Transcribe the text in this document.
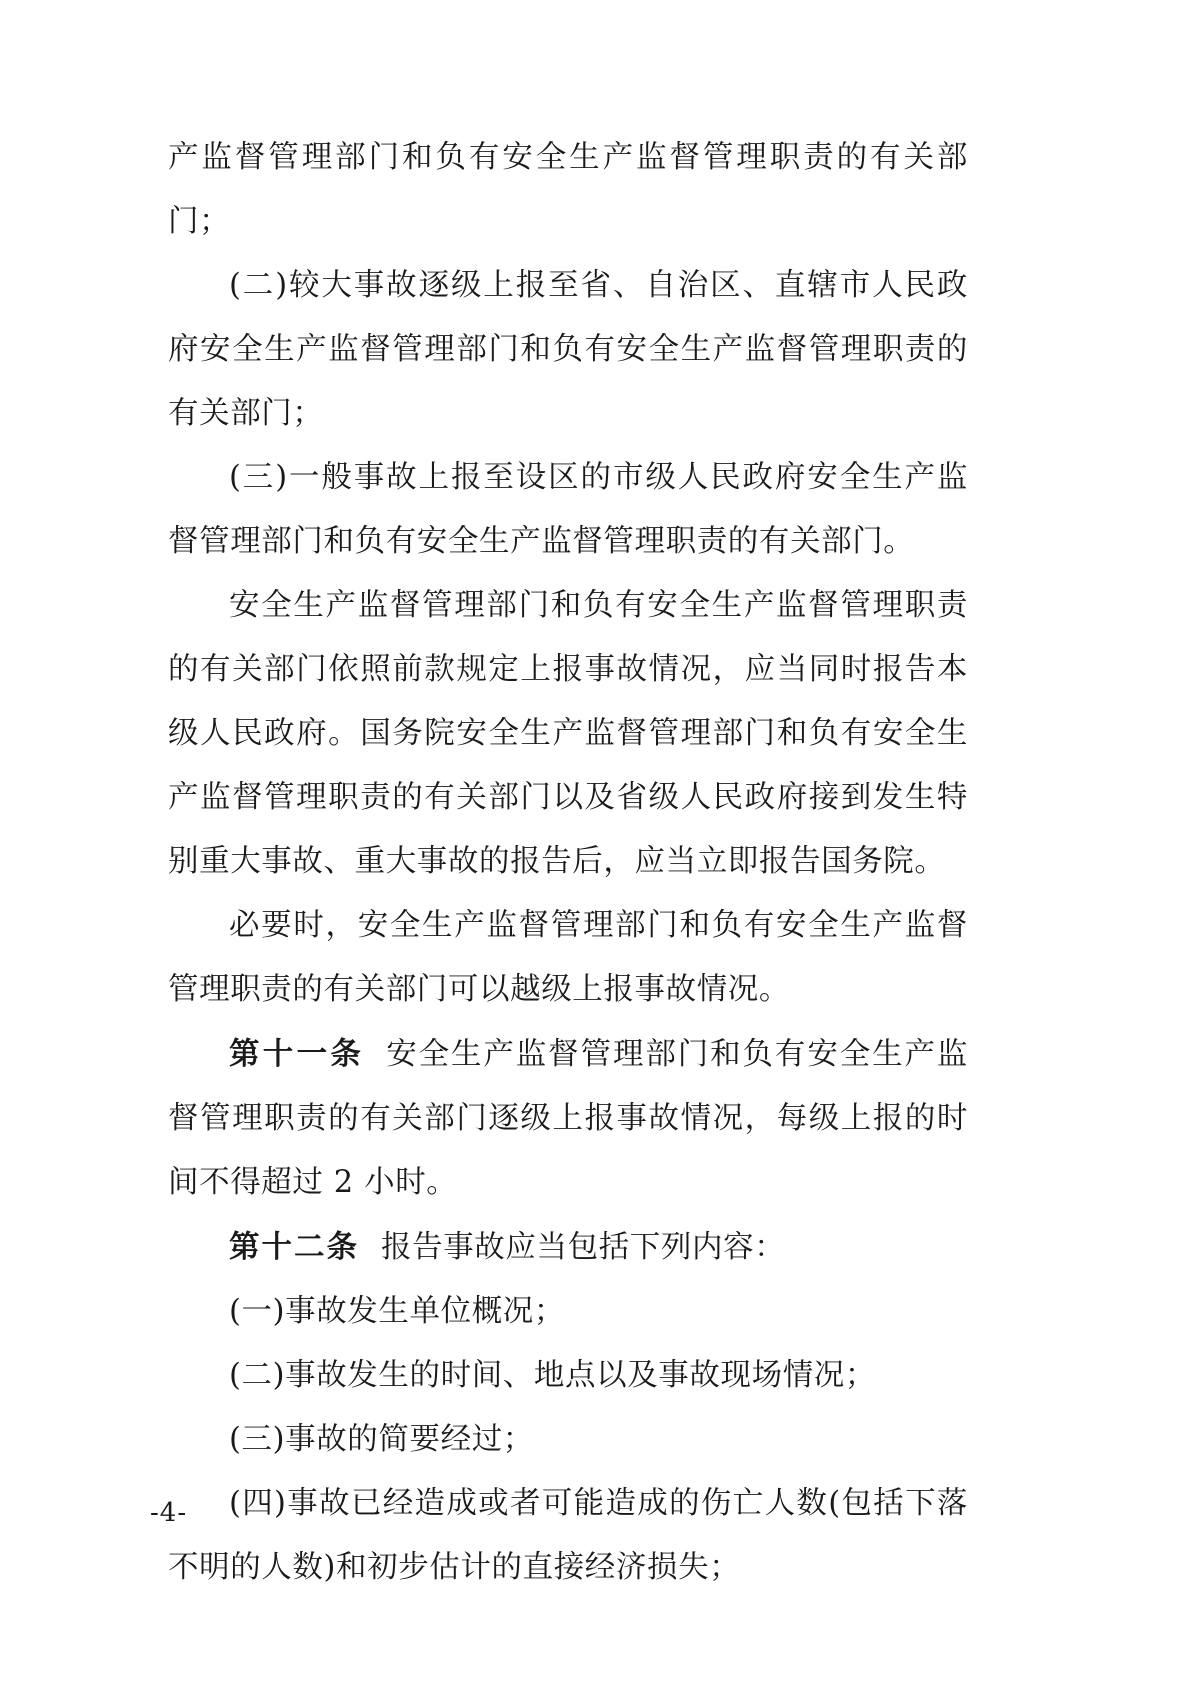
产监督管理部门和负有安全生产监督管理职责的有关部门；

(二)较大事故逐级上报至省、自治区、直辖市人民政府安全生产监督管理部门和负有安全生产监督管理职责的有关部门；

(三)一般事故上报至设区的市级人民政府安全生产监督管理部门和负有安全生产监督管理职责的有关部门。

安全生产监督管理部门和负有安全生产监督管理职责的有关部门依照前款规定上报事故情况，应当同时报告本级人民政府。国务院安全生产监督管理部门和负有安全生产监督管理职责的有关部门以及省级人民政府接到发生特别重大事故、重大事故的报告后，应当立即报告国务院。

必要时，安全生产监督管理部门和负有安全生产监督管理职责的有关部门可以越级上报事故情况。

第十一条 安全生产监督管理部门和负有安全生产监督管理职责的有关部门逐级上报事故情况，每级上报的时间不得超过 2 小时。

第十二条 报告事故应当包括下列内容：

(一)事故发生单位概况；

(二)事故发生的时间、地点以及事故现场情况；

(三)事故的简要经过；

(四)事故已经造成或者可能造成的伤亡人数(包括下落不明的人数)和初步估计的直接经济损失；

-4-
